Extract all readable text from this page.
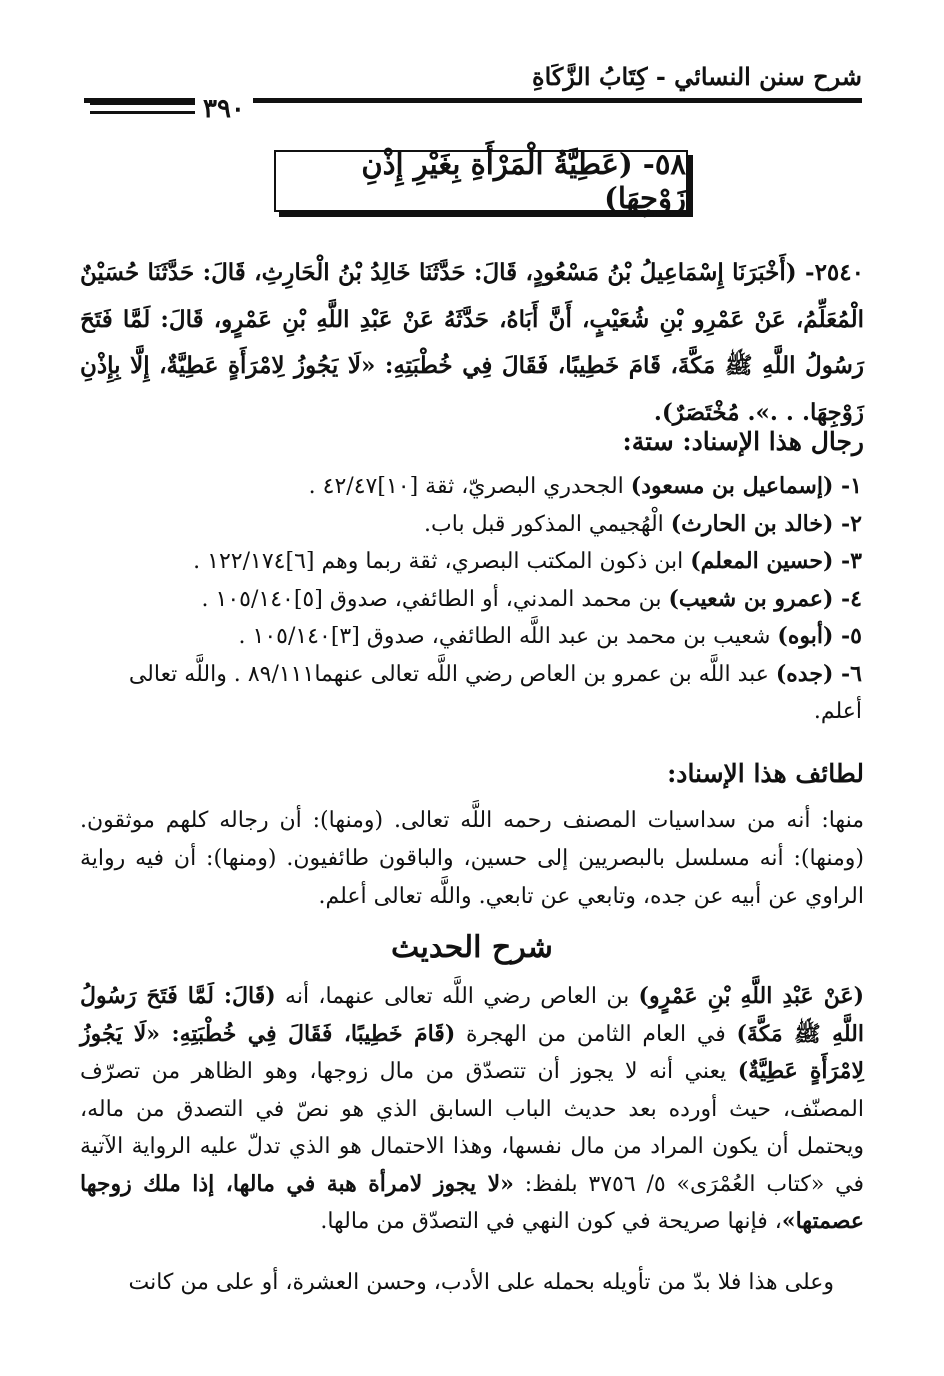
شرح سنن النسائي - كِتَابُ الزَّكَاةِ
٣٩٠
٥٨- (عَطِيَّةُ الْمَرْأَةِ بِغَيْرِ إِذْنِ زَوْجِهَا)

٢٥٤٠- (أَخْبَرَنَا إِسْمَاعِيلُ بْنُ مَسْعُودٍ، قَالَ: حَدَّثَنَا خَالِدُ بْنُ الْحَارِثِ، قَالَ: حَدَّثَنَا حُسَيْنٌ الْمُعَلِّمُ، عَنْ عَمْرِو بْنِ شُعَيْبٍ، أَنَّ أَبَاهُ، حَدَّثَهُ عَنْ عَبْدِ اللَّهِ بْنِ عَمْرٍو، قَالَ: لَمَّا فَتَحَ رَسُولُ اللَّهِ ﷺ مَكَّةَ، قَامَ خَطِيبًا، فَقَالَ فِي خُطْبَتِهِ: «لَا يَجُوزُ لِامْرَأَةٍ عَطِيَّةٌ، إِلَّا بِإِذْنِ زَوْجِهَا. . .». مُخْتَصَرٌ).

رجال هذا الإسناد: ستة:
١- (إسماعيل بن مسعود) الجحدري البصريّ، ثقة [١٠]٤٢/٤٧ .
٢- (خالد بن الحارث) الْهُجيمي المذكور قبل باب.
٣- (حسين المعلم) ابن ذكون المكتب البصري، ثقة ربما وهم [٦]١٢٢/١٧٤ .
٤- (عمرو بن شعيب) بن محمد المدني، أو الطائفي، صدوق [٥]١٠٥/١٤٠ .
٥- (أبوه) شعيب بن محمد بن عبد اللَّه الطائفي، صدوق [٣]١٠٥/١٤٠ .
٦- (جده) عبد اللَّه بن عمرو بن العاص رضي اللَّه تعالى عنهما٨٩/١١١ . واللَّه تعالى أعلم.
لطائف هذا الإسناد:

منها: أنه من سداسيات المصنف رحمه اللَّه تعالى. (ومنها): أن رجاله كلهم موثقون. (ومنها): أنه مسلسل بالبصريين إلى حسين، والباقون طائفيون. (ومنها): أن فيه رواية الراوي عن أبيه عن جده، وتابعي عن تابعي. واللَّه تعالى أعلم.

شرح الحديث

(عَنْ عَبْدِ اللَّهِ بْنِ عَمْرٍو) بن العاص رضي اللَّه تعالى عنهما، أنه (قَالَ: لَمَّا فَتَحَ رَسُولُ اللَّهِ ﷺ مَكَّةَ) في العام الثامن من الهجرة (قَامَ خَطِيبًا، فَقَالَ فِي خُطْبَتِهِ: «لَا يَجُوزُ لِامْرَأَةٍ عَطِيَّةٌ) يعني أنه لا يجوز أن تتصدّق من مال زوجها، وهو الظاهر من تصرّف المصنّف، حيث أورده بعد حديث الباب السابق الذي هو نصّ في التصدق من ماله، ويحتمل أن يكون المراد من مال نفسها، وهذا الاحتمال هو الذي تدلّ عليه الرواية الآتية في «كتاب العُمْرَى» ٥/ ٣٧٥٦ بلفظ: «لا يجوز لامرأة هبة في مالها، إذا ملك زوجها عصمتها»، فإنها صريحة في كون النهي في التصدّق من مالها.

وعلى هذا فلا بدّ من تأويله بحمله على الأدب، وحسن العشرة، أو على من كانت
